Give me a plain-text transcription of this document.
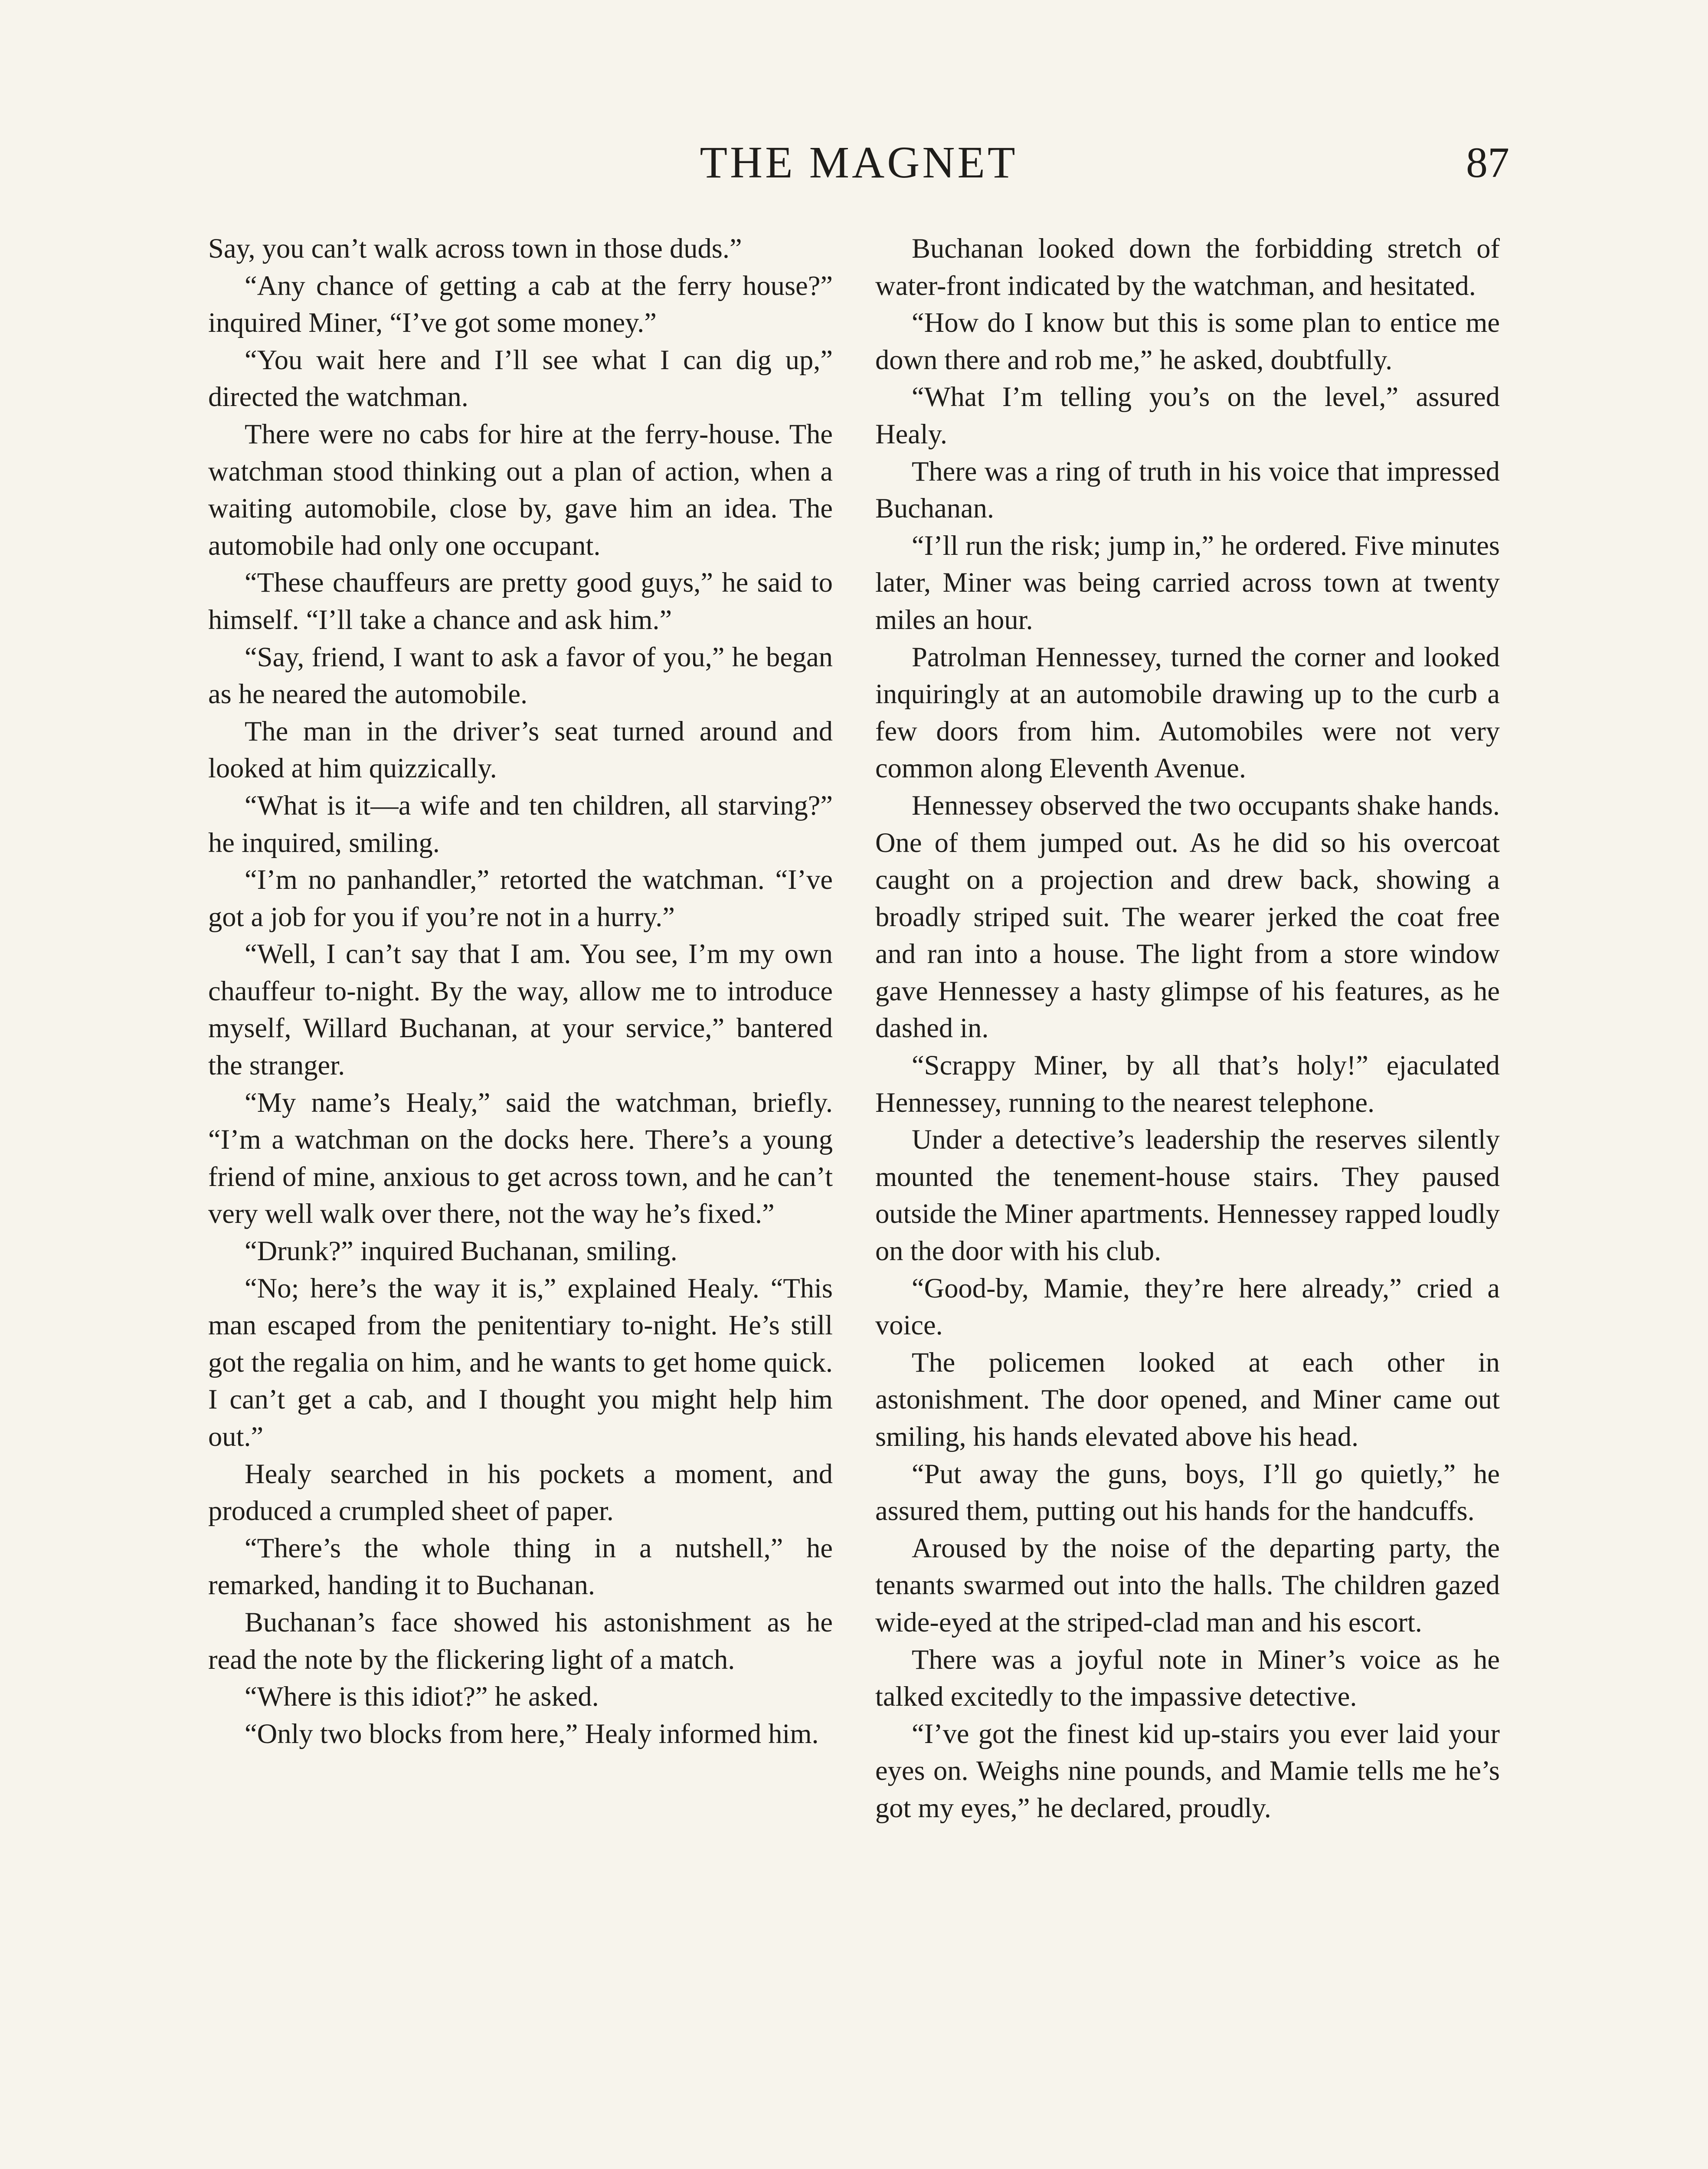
THE MAGNET	87

Say, you can’t walk across town in those duds.”

“Any chance of getting a cab at the ferry house?” inquired Miner, “I’ve got some money.”

“You wait here and I’ll see what I can dig up,” directed the watchman.

There were no cabs for hire at the ferry-house. The watchman stood thinking out a plan of action, when a waiting automobile, close by, gave him an idea. The automobile had only one occupant.

“These chauffeurs are pretty good guys,” he said to himself. “I’ll take a chance and ask him.”

“Say, friend, I want to ask a favor of you,” he began as he neared the automobile.

The man in the driver’s seat turned around and looked at him quizzically.

“What is it—a wife and ten children, all starving?” he inquired, smiling.

“I’m no panhandler,” retorted the watchman. “I’ve got a job for you if you’re not in a hurry.”

“Well, I can’t say that I am. You see, I’m my own chauffeur to-night. By the way, allow me to introduce myself, Willard Buchanan, at your service,” bantered the stranger.

“My name’s Healy,” said the watchman, briefly. “I’m a watchman on the docks here. There’s a young friend of mine, anxious to get across town, and he can’t very well walk over there, not the way he’s fixed.”

“Drunk?” inquired Buchanan, smiling.

“No; here’s the way it is,” explained Healy. “This man escaped from the penitentiary to-night. He’s still got the regalia on him, and he wants to get home quick. I can’t get a cab, and I thought you might help him out.”

Healy searched in his pockets a moment, and produced a crumpled sheet of paper.

“There’s the whole thing in a nutshell,” he remarked, handing it to Buchanan.

Buchanan’s face showed his astonishment as he read the note by the flickering light of a match.

“Where is this idiot?” he asked.

“Only two blocks from here,” Healy informed him.

Buchanan looked down the forbidding stretch of water-front indicated by the watchman, and hesitated.

“How do I know but this is some plan to entice me down there and rob me,” he asked, doubtfully.

“What I’m telling you’s on the level,” assured Healy.

There was a ring of truth in his voice that impressed Buchanan.

“I’ll run the risk; jump in,” he ordered. Five minutes later, Miner was being carried across town at twenty miles an hour.

Patrolman Hennessey, turned the corner and looked inquiringly at an automobile drawing up to the curb a few doors from him. Automobiles were not very common along Eleventh Avenue.

Hennessey observed the two occupants shake hands. One of them jumped out. As he did so his overcoat caught on a projection and drew back, showing a broadly striped suit. The wearer jerked the coat free and ran into a house. The light from a store window gave Hennessey a hasty glimpse of his features, as he dashed in.

“Scrappy Miner, by all that’s holy!” ejaculated Hennessey, running to the nearest telephone.

Under a detective’s leadership the reserves silently mounted the tenement-house stairs. They paused outside the Miner apartments. Hennessey rapped loudly on the door with his club.

“Good-by, Mamie, they’re here already,” cried a voice.

The policemen looked at each other in astonishment. The door opened, and Miner came out smiling, his hands elevated above his head.

“Put away the guns, boys, I’ll go quietly,” he assured them, putting out his hands for the handcuffs.

Aroused by the noise of the departing party, the tenants swarmed out into the halls. The children gazed wide-eyed at the striped-clad man and his escort.

There was a joyful note in Miner’s voice as he talked excitedly to the impassive detective.

“I’ve got the finest kid up-stairs you ever laid your eyes on. Weighs nine pounds, and Mamie tells me he’s got my eyes,” he declared, proudly.
